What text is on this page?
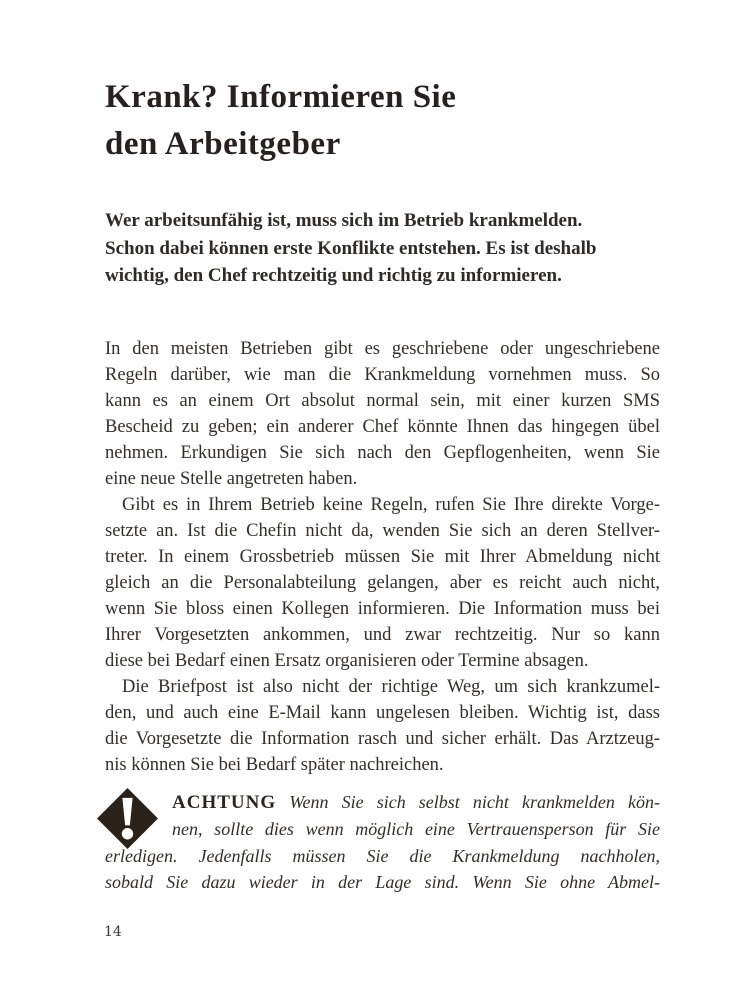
Krank? Informieren Sie
den Arbeitgeber
Wer arbeitsunfähig ist, muss sich im Betrieb krankmelden.
Schon dabei können erste Konflikte entstehen. Es ist deshalb
wichtig, den Chef rechtzeitig und richtig zu informieren.
In den meisten Betrieben gibt es geschriebene oder ungeschriebene
Regeln darüber, wie man die Krankmeldung vornehmen muss. So
kann es an einem Ort absolut normal sein, mit einer kurzen SMS
Bescheid zu geben; ein anderer Chef könnte Ihnen das hingegen übel
nehmen. Erkundigen Sie sich nach den Gepflogenheiten, wenn Sie
eine neue Stelle angetreten haben.
Gibt es in Ihrem Betrieb keine Regeln, rufen Sie Ihre direkte Vorge-
setzte an. Ist die Chefin nicht da, wenden Sie sich an deren Stellver-
treter. In einem Grossbetrieb müssen Sie mit Ihrer Abmeldung nicht
gleich an die Personalabteilung gelangen, aber es reicht auch nicht,
wenn Sie bloss einen Kollegen informieren. Die Information muss bei
Ihrer Vorgesetzten ankommen, und zwar rechtzeitig. Nur so kann
diese bei Bedarf einen Ersatz organisieren oder Termine absagen.
Die Briefpost ist also nicht der richtige Weg, um sich krankzumel-
den, und auch eine E-Mail kann ungelesen bleiben. Wichtig ist, dass
die Vorgesetzte die Information rasch und sicher erhält. Das Arztzeug-
nis können Sie bei Bedarf später nachreichen.
ACHTUNG Wenn Sie sich selbst nicht krankmelden kön-
nen, sollte dies wenn möglich eine Vertrauensperson für Sie
erledigen. Jedenfalls müssen Sie die Krankmeldung nachholen,
sobald Sie dazu wieder in der Lage sind. Wenn Sie ohne Abmel-
14
